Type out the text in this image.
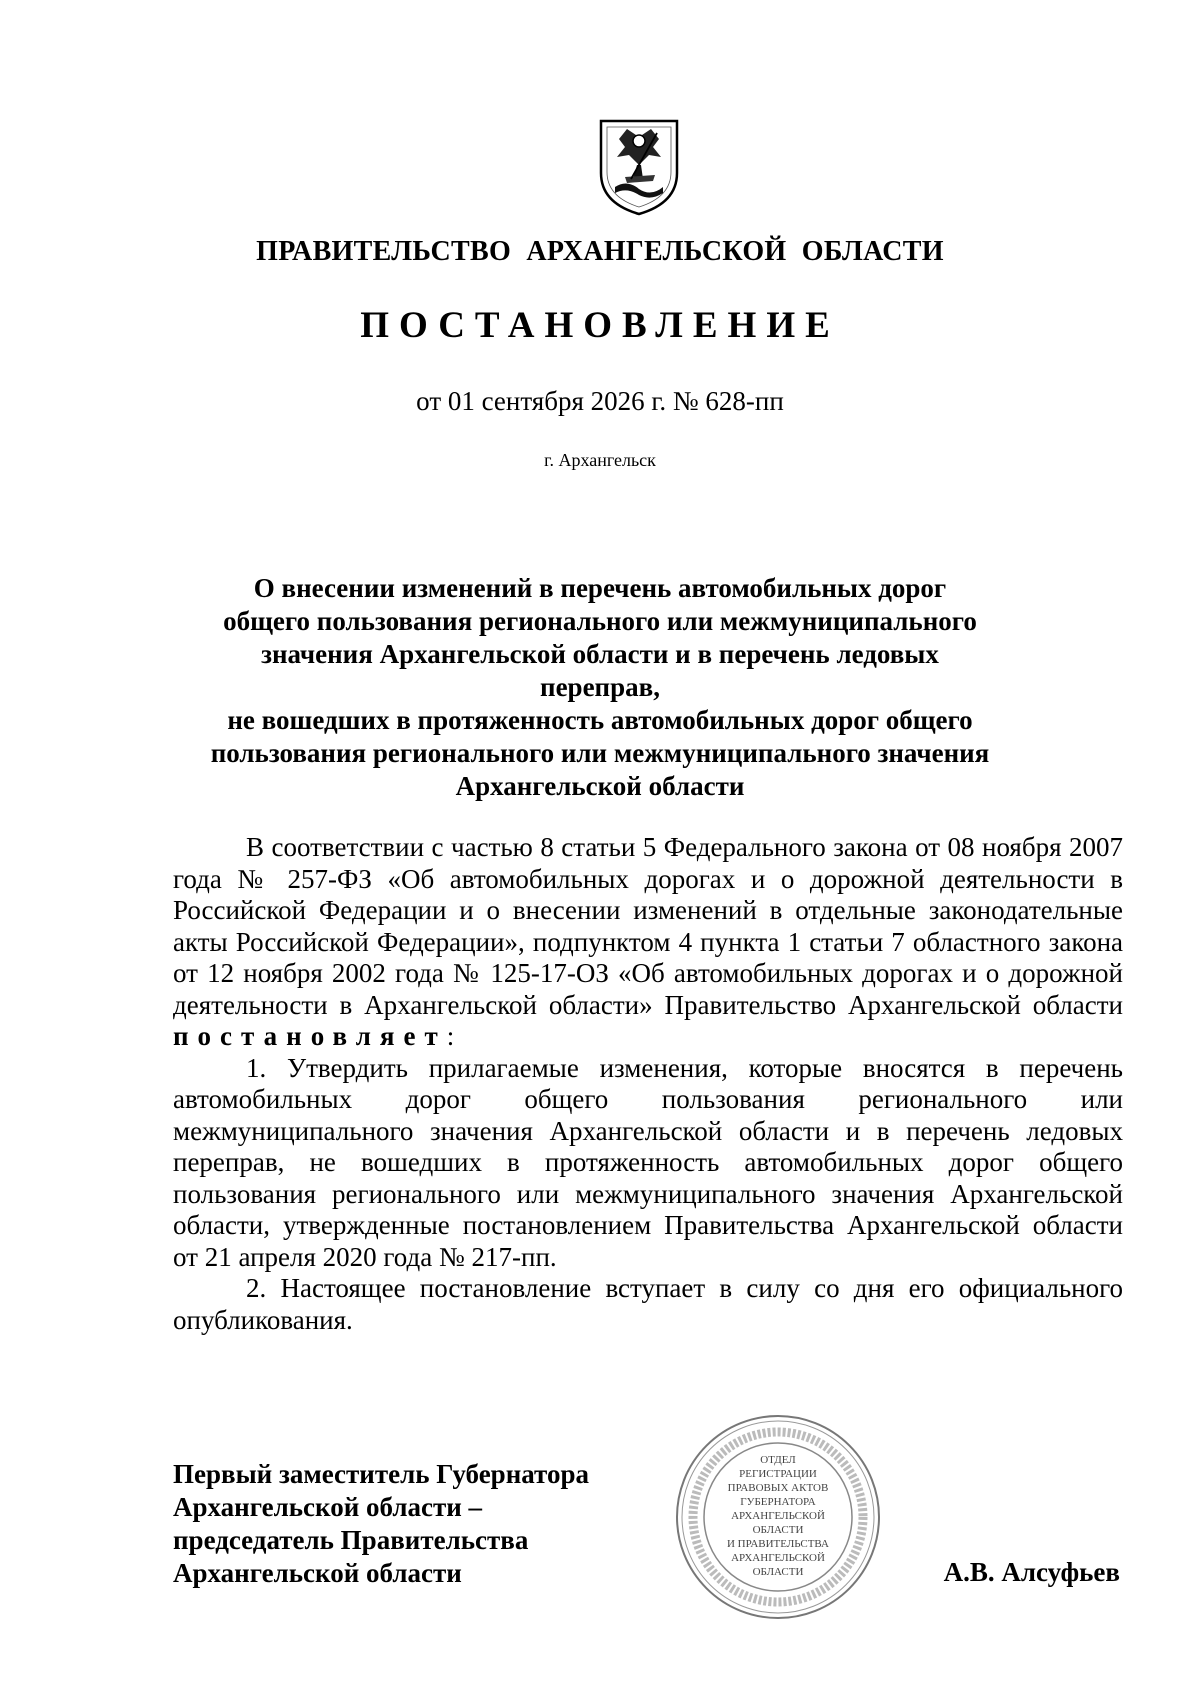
ПРАВИТЕЛЬСТВО АРХАНГЕЛЬСКОЙ ОБЛАСТИ
ПОСТАНОВЛЕНИЕ
от 01 сентября 2026 г. № 628-пп
г. Архангельск
О внесении изменений в перечень автомобильных дорог
общего пользования регионального или межмуниципального
значения Архангельской области и в перечень ледовых переправ,
не вошедших в протяженность автомобильных дорог общего
пользования регионального или межмуниципального значения
Архангельской области

В соответствии с частью 8 статьи 5 Федерального закона от 08 ноября 2007 года № 257-ФЗ «Об автомобильных дорогах и о дорожной деятельности в Российской Федерации и о внесении изменений в отдельные законодательные акты Российской Федерации», подпунктом 4 пункта 1 статьи 7 областного закона от 12 ноября 2002 года № 125-17-ОЗ «Об автомобильных дорогах и о дорожной деятельности в Архангельской области» Правительство Архангельской области постановляет:

1. Утвердить прилагаемые изменения, которые вносятся в перечень автомобильных дорог общего пользования регионального или межмуниципального значения Архангельской области и в перечень ледовых переправ, не вошедших в протяженность автомобильных дорог общего пользования регионального или межмуниципального значения Архангельской области, утвержденные постановлением Правительства Архангельской области от 21 апреля 2020 года № 217-пп.

2. Настоящее постановление вступает в силу со дня его официального опубликования.

Первый заместитель Губернатора
Архангельской области –
председатель Правительства
Архангельской области
ОТДЕЛ
РЕГИСТРАЦИИ
ПРАВОВЫХ АКТОВ
ГУБЕРНАТОРА
АРХАНГЕЛЬСКОЙ
ОБЛАСТИ
И ПРАВИТЕЛЬСТВА
АРХАНГЕЛЬСКОЙ
ОБЛАСТИ	А.В. Алсуфьев
